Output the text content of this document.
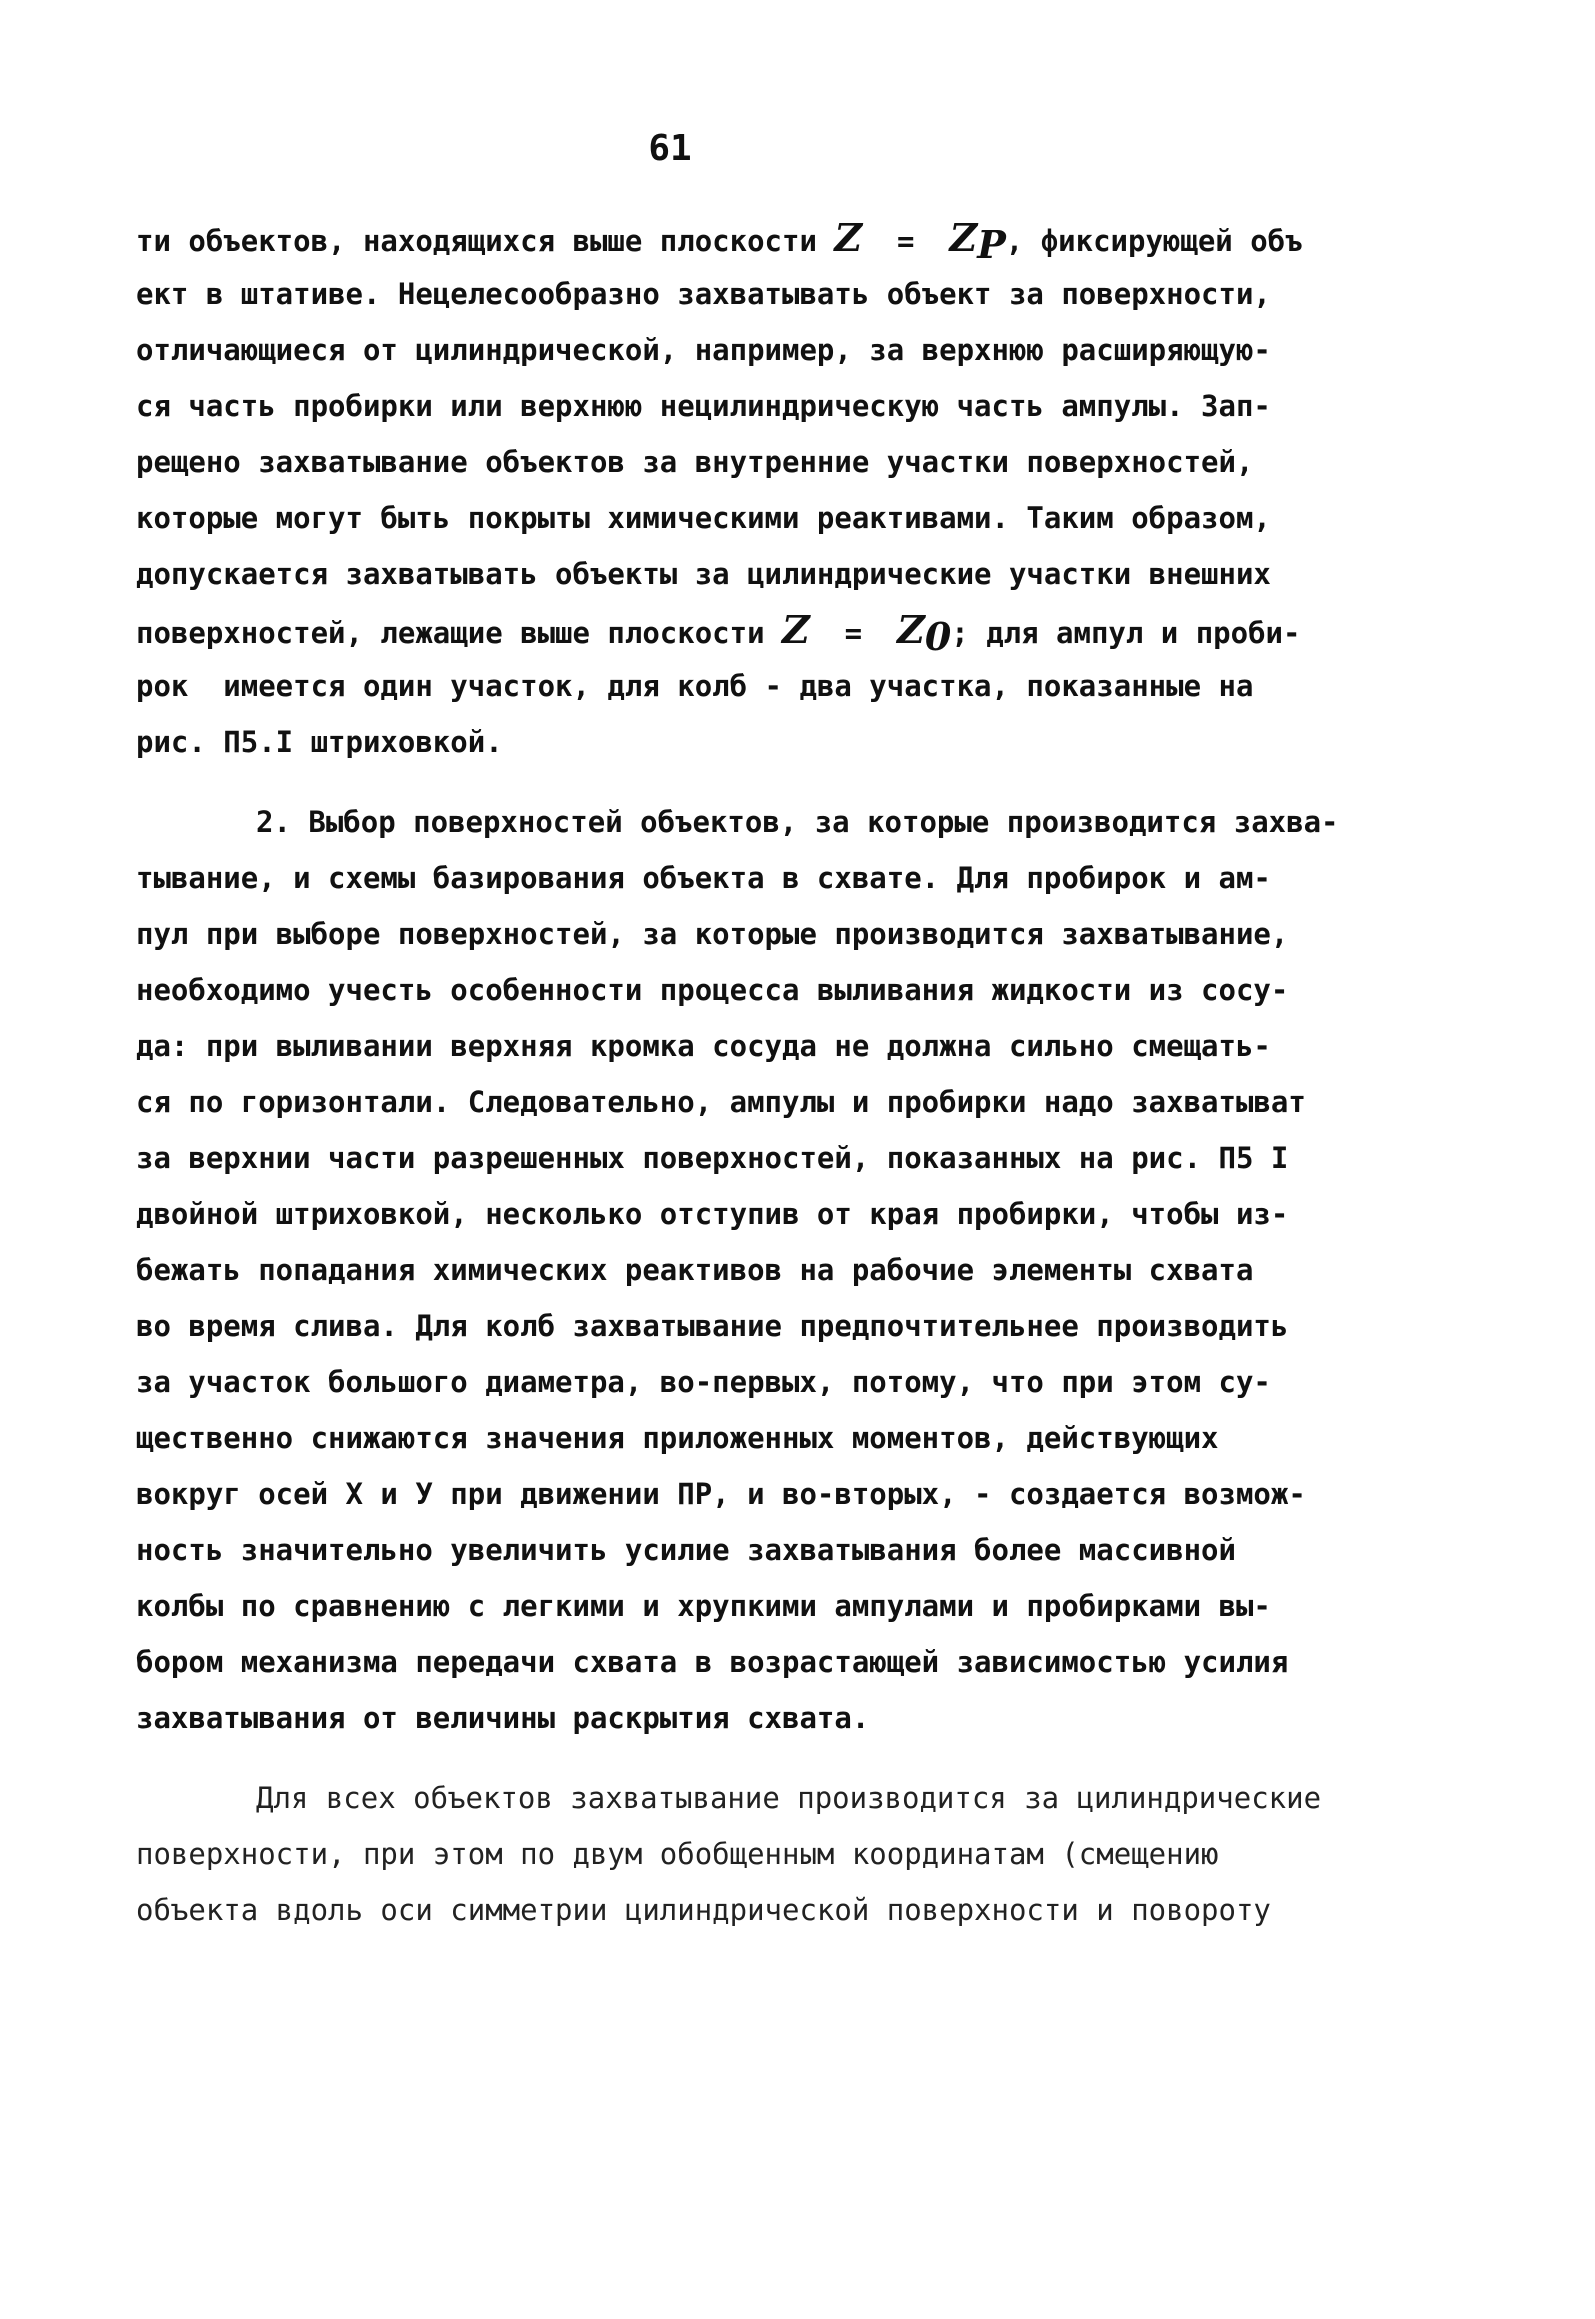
61
ти объектов, находящихся выше плоскости $Z = Z_P$, фиксирующей объ
ект в штативе. Нецелесообразно захватывать объект за поверхности,
отличающиеся от цилиндрической, например, за верхнюю расширяющую-
ся часть пробирки или верхнюю нецилиндрическую часть ампулы. Зап-
рещено захватывание объектов за внутренние участки поверхностей,
которые могут быть покрыты химическими реактивами. Таким образом,
допускается захватывать объекты за цилиндрические участки внешних
поверхностей, лежащие выше плоскости $Z = Z_0$; для ампул и проби-
рок  имеется один участок, для колб - два участка, показанные на
рис. П5.I штриховкой.
2. Выбор поверхностей объектов, за которые производится захва-
тывание, и схемы базирования объекта в схвате. Для пробирок и ам-
пул при выборе поверхностей, за которые производится захватывание,
необходимо учесть особенности процесса выливания жидкости из сосу-
да: при выливании верхняя кромка сосуда не должна сильно смещать-
ся по горизонтали. Следовательно, ампулы и пробирки надо захватыват
за верхнии части разрешенных поверхностей, показанных на рис. П5 I
двойной штриховкой, несколько отступив от края пробирки, чтобы из-
бежать попадания химических реактивов на рабочие элементы схвата
во время слива. Для колб захватывание предпочтительнее производить
за участок большого диаметра, во-первых, потому, что при этом су-
щественно снижаются значения приложенных моментов, действующих
вокруг осей X и У при движении ПР, и во-вторых, - создается возмож-
ность значительно увеличить усилие захватывания более массивной
колбы по сравнению с легкими и хрупкими ампулами и пробирками вы-
бором механизма передачи схвата в возрастающей зависимостью усилия
захватывания от величины раскрытия схвата.
Для всех объектов захватывание производится за цилиндрические
поверхности, при этом по двум обобщенным координатам (смещению
объекта вдоль оси симметрии цилиндрической поверхности и повороту
